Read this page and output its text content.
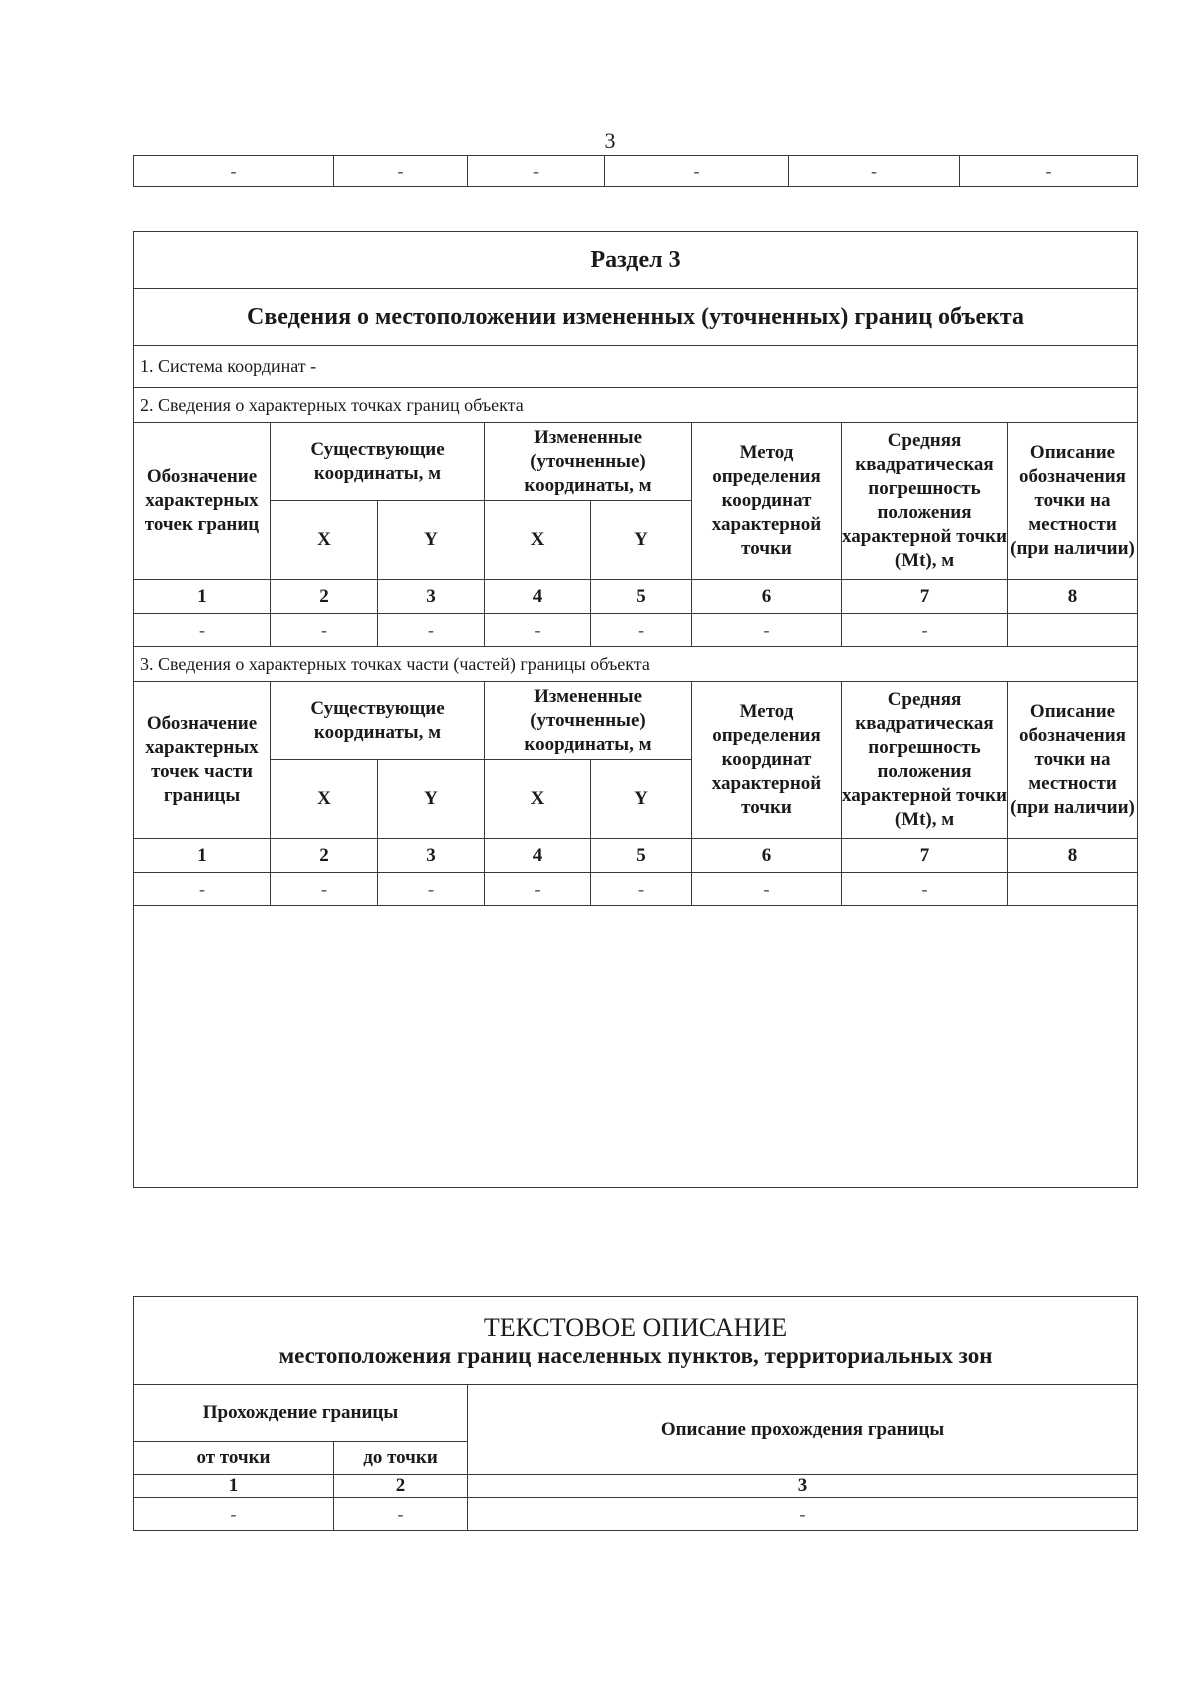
3
-	-	-	-	-	-
Раздел 3							
Сведения о местоположении измененных (уточненных) границ объекта							
1. Система координат -							
2. Сведения о характерных точках границ объекта							
Обозначение характерных точек границ	Существующие координаты, м		Измененные (уточненные) координаты, м		Метод определения координат характерной точки	Средняя квадратическая погрешность положения характерной точки (Mt), м	Описание обозначения точки на местности (при наличии)
	X	Y	X	Y			
1	2	3	4	5	6	7	8
-	-	-	-	-	-	-	
3. Сведения о характерных точках части (частей) границы объекта							
Обозначение характерных точек части границы	Существующие координаты, м		Измененные (уточненные) координаты, м		Метод определения координат характерной точки	Средняя квадратическая погрешность положения характерной точки (Mt), м	Описание обозначения точки на местности (при наличии)
	X	Y	X	Y			
1	2	3	4	5	6	7	8
-	-	-	-	-	-	-	

ТЕКСТОВОЕ ОПИСАНИЕ
местоположения границ населенных пунктов, территориальных зон		

Прохождение границы		Описание прохождения границы
от точки	до точки	
1	2	3
-	-	-
